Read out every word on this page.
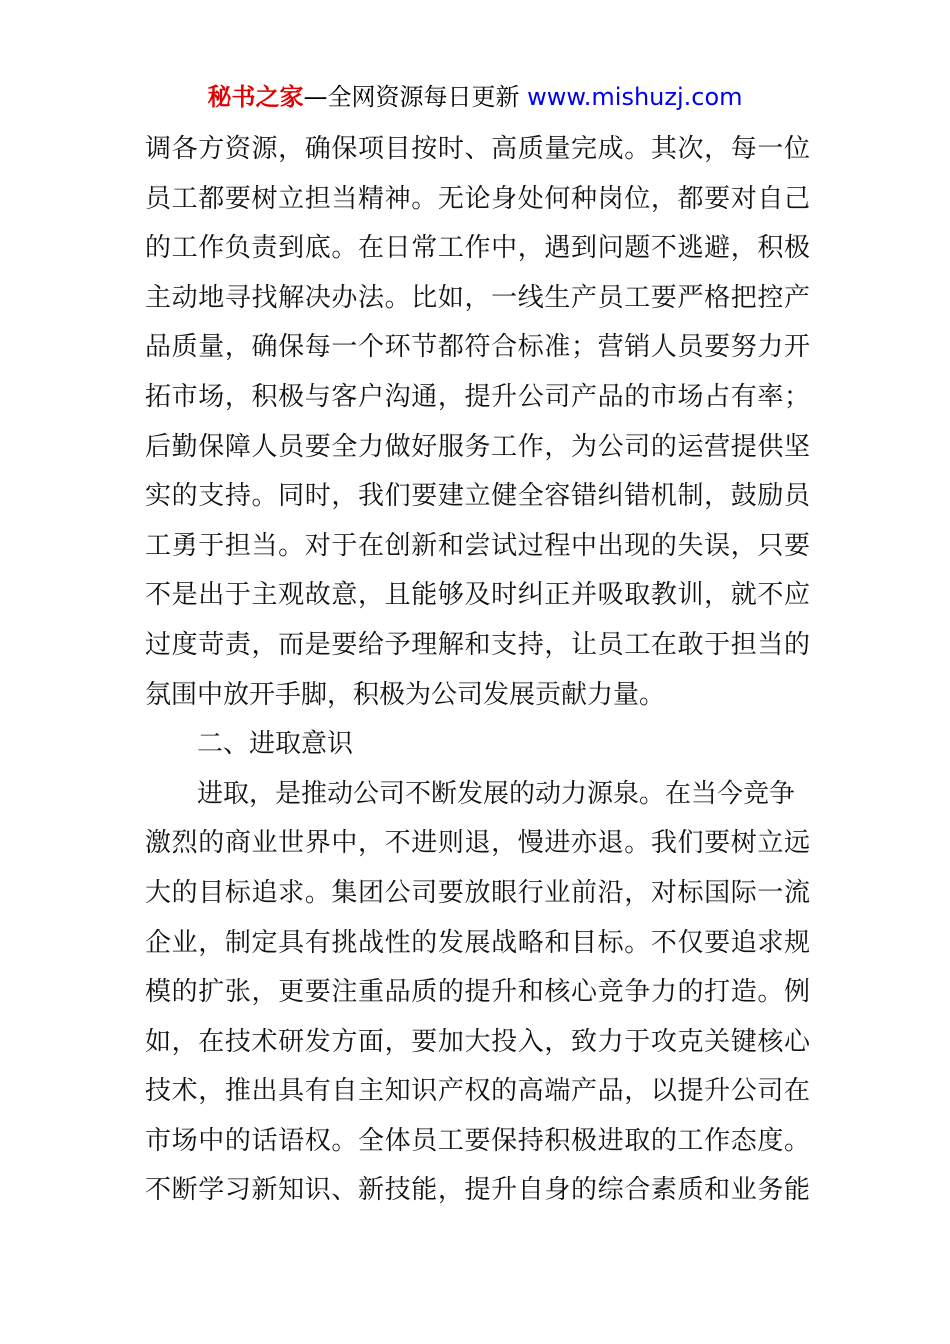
秘书之家—全网资源每日更新 www.mishuzj.com
调各方资源，确保项目按时、高质量完成。其次，每一位
员工都要树立担当精神。无论身处何种岗位，都要对自己
的工作负责到底。在日常工作中，遇到问题不逃避，积极
主动地寻找解决办法。比如，一线生产员工要严格把控产
品质量，确保每一个环节都符合标准；营销人员要努力开
拓市场，积极与客户沟通，提升公司产品的市场占有率；
后勤保障人员要全力做好服务工作，为公司的运营提供坚
实的支持。同时，我们要建立健全容错纠错机制，鼓励员
工勇于担当。对于在创新和尝试过程中出现的失误，只要
不是出于主观故意，且能够及时纠正并吸取教训，就不应
过度苛责，而是要给予理解和支持，让员工在敢于担当的
氛围中放开手脚，积极为公司发展贡献力量。
二、进取意识
进取，是推动公司不断发展的动力源泉。在当今竞争
激烈的商业世界中，不进则退，慢进亦退。我们要树立远
大的目标追求。集团公司要放眼行业前沿，对标国际一流
企业，制定具有挑战性的发展战略和目标。不仅要追求规
模的扩张，更要注重品质的提升和核心竞争力的打造。例
如，在技术研发方面，要加大投入，致力于攻克关键核心
技术，推出具有自主知识产权的高端产品，以提升公司在
市场中的话语权。全体员工要保持积极进取的工作态度。
不断学习新知识、新技能，提升自身的综合素质和业务能
